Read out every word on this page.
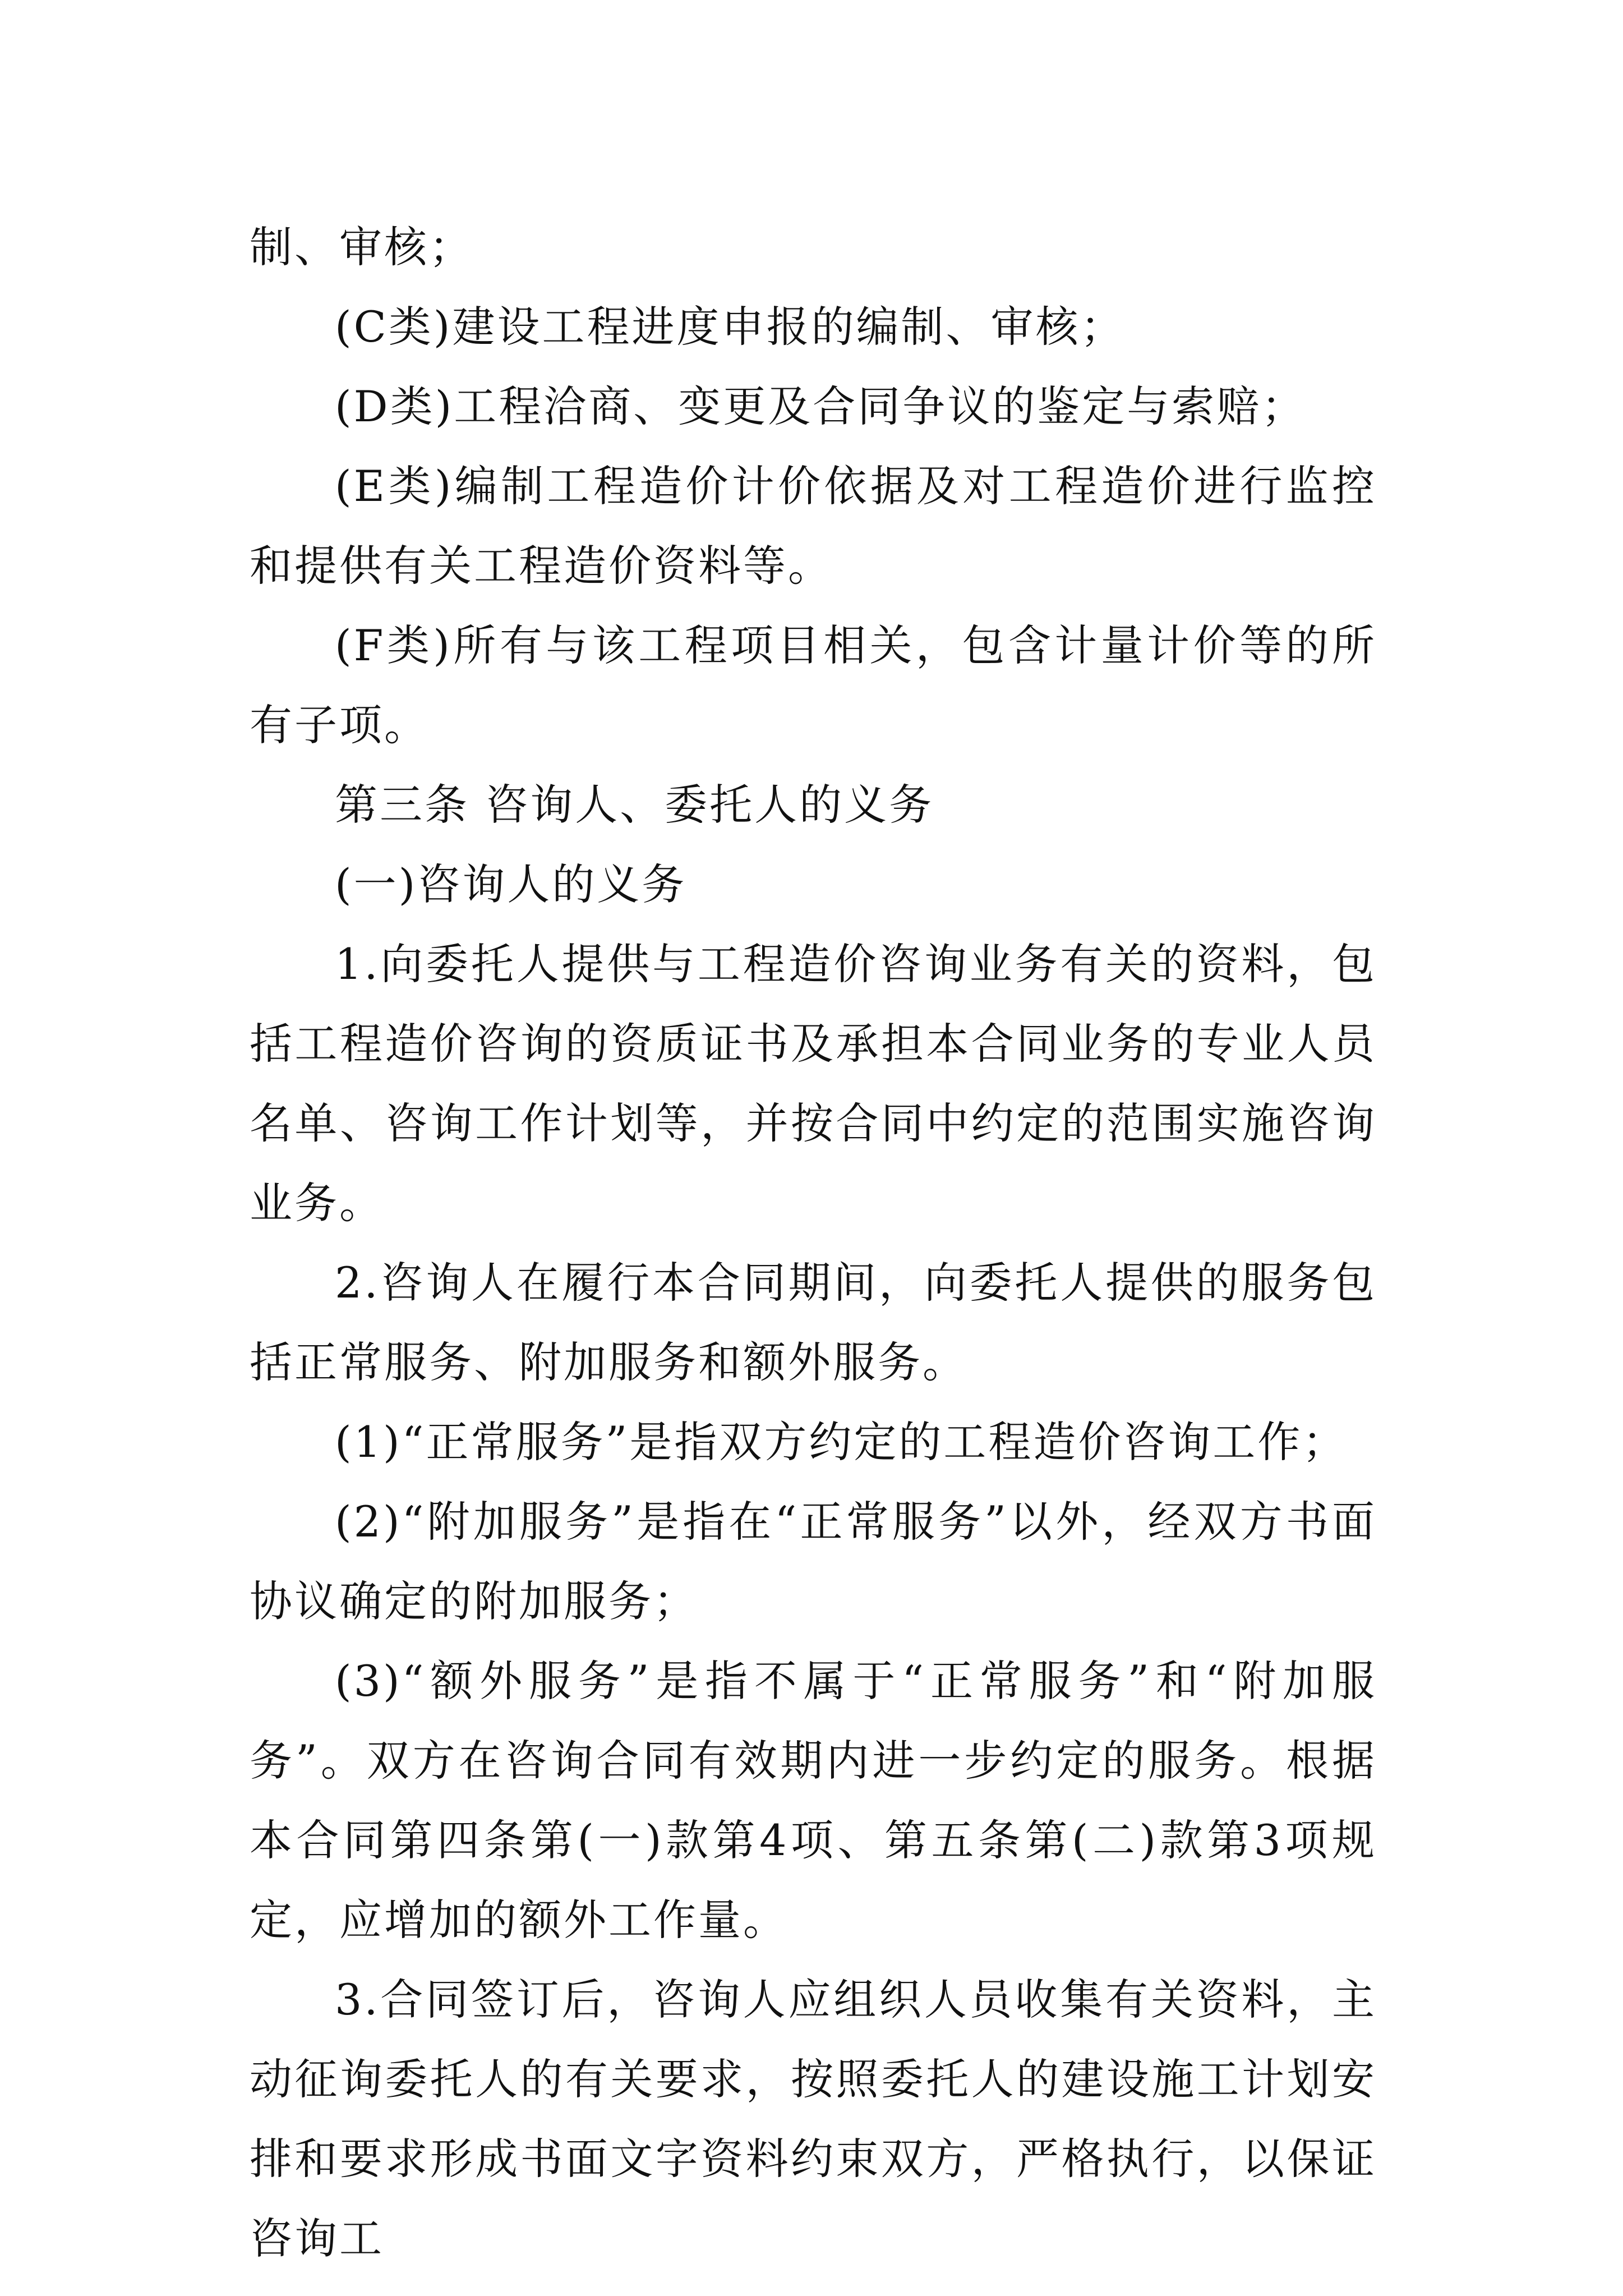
制、审核；

(C类)建设工程进度申报的编制、审核；

(D类)工程洽商、变更及合同争议的鉴定与索赔；

(E类)编制工程造价计价依据及对工程造价进行监控和提供有关工程造价资料等。

(F类)所有与该工程项目相关，包含计量计价等的所有子项。

第三条 咨询人、委托人的义务

(一)咨询人的义务

1.向委托人提供与工程造价咨询业务有关的资料，包括工程造价咨询的资质证书及承担本合同业务的专业人员名单、咨询工作计划等，并按合同中约定的范围实施咨询业务。

2.咨询人在履行本合同期间，向委托人提供的服务包括正常服务、附加服务和额外服务。

(1)“正常服务”是指双方约定的工程造价咨询工作；

(2)“附加服务”是指在“正常服务”以外，经双方书面协议确定的附加服务；

(3)“额外服务”是指不属于“正常服务”和“附加服务”。双方在咨询合同有效期内进一步约定的服务。根据本合同第四条第(一)款第4项、第五条第(二)款第3项规定，应增加的额外工作量。

3.合同签订后，咨询人应组织人员收集有关资料，主动征询委托人的有关要求，按照委托人的建设施工计划安排和要求形成书面文字资料约束双方，严格执行，以保证咨询工
